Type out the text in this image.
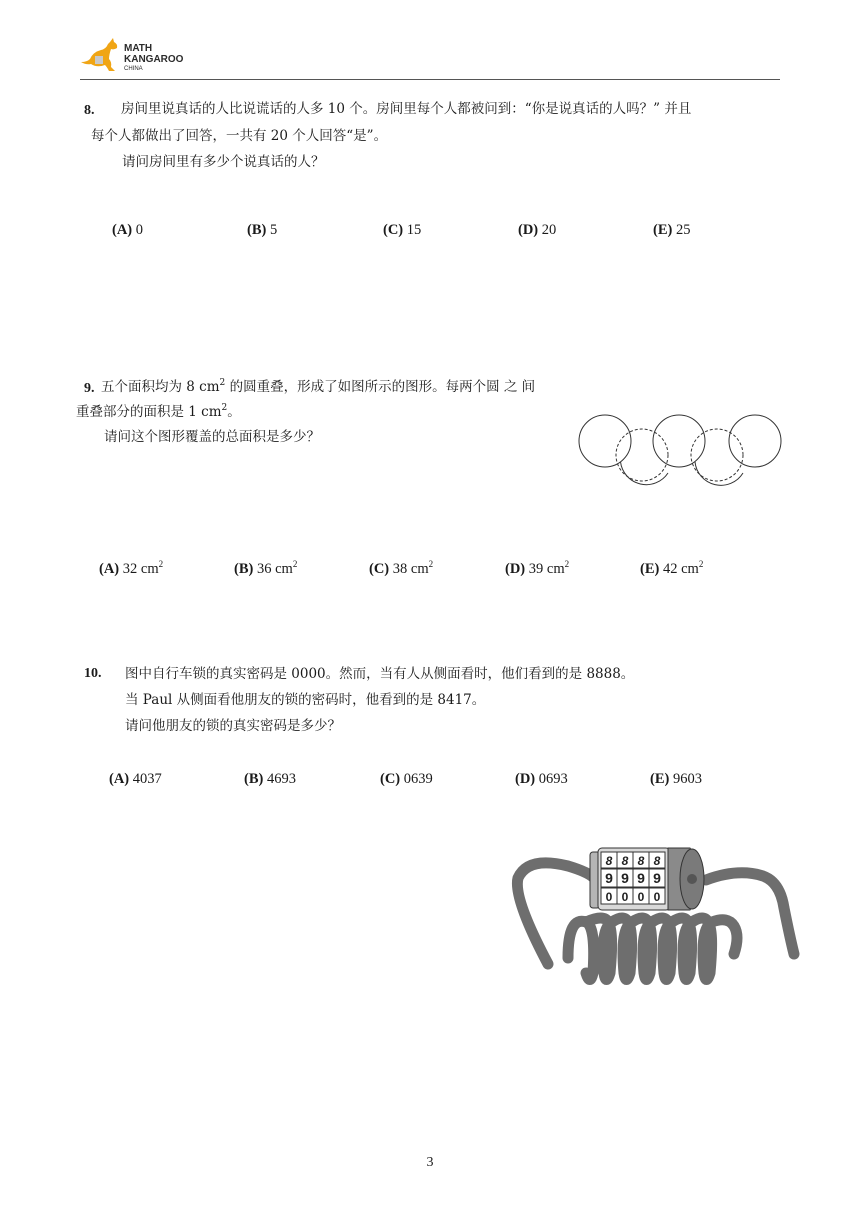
MATH
KANGAROO
CHINA
8. 房间里说真话的人比说谎话的人多 10 个。房间里每个人都被问到：“你是说真话的人吗？” 并且
每个人都做出了回答，一共有 20 个人回答“是”。
请问房间里有多少个说真话的人？
(A) 0	(B) 5	(C) 15	(D) 20	(E) 25
9. 五个面积均为 8 $cm^2$ 的圆重叠，形成了如图所示的图形。每两个圆 之 间
重叠部分的面积是 1 $cm^2$。
请问这个图形覆盖的总面积是多少？
(A) 32 $cm^2$	(B) 36 $cm^2$	(C) 38 $cm^2$	(D) 39 $cm^2$	(E) 42 $cm^2$
10. 图中自行车锁的真实密码是 0000。然而，当有人从侧面看时，他们看到的是 8888。
当 Paul 从侧面看他朋友的锁的密码时，他看到的是 8417。
请问他朋友的锁的真实密码是多少？
(A) 4037	(B) 4693	(C) 0639	(D) 0693	(E) 9603
8 8 8 8
9 9 9 9
0 0 0 0
3
